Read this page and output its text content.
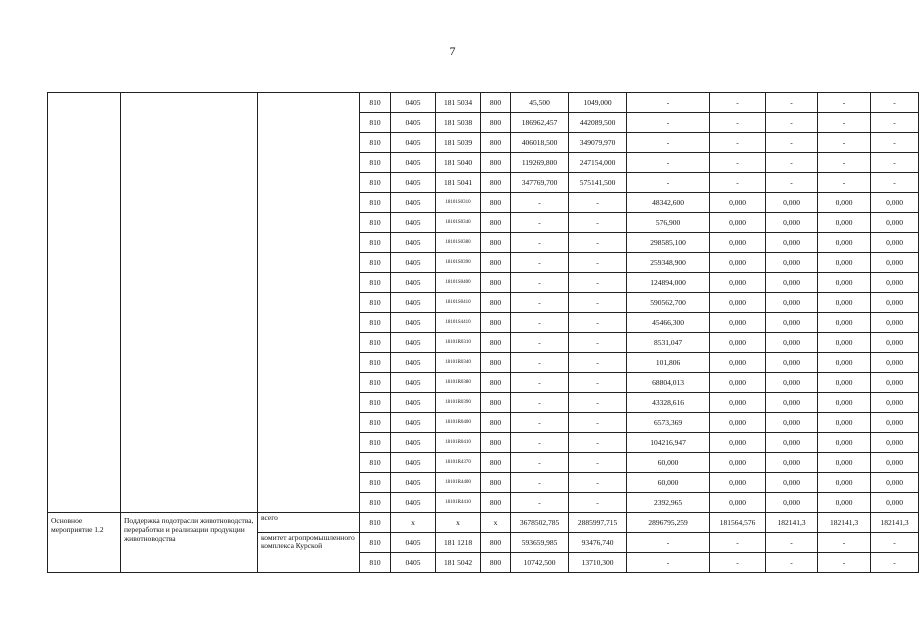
7
			810	0405	181 5034	800	45,500	1049,000	-	-	-	-	-
			810	0405	181 5038	800	186962,457	442089,500	-	-	-	-	-
			810	0405	181 5039	800	406018,500	349079,970	-	-	-	-	-
			810	0405	181 5040	800	119269,800	247154,000	-	-	-	-	-
			810	0405	181 5041	800	347769,700	575141,500	-	-	-	-	-
			810	0405	18101S0310	800	-	-	48342,600	0,000	0,000	0,000	0,000
			810	0405	18101S0340	800	-	-	576,900	0,000	0,000	0,000	0,000
			810	0405	18101S0380	800	-	-	298585,100	0,000	0,000	0,000	0,000
			810	0405	18101S0390	800	-	-	259348,900	0,000	0,000	0,000	0,000
			810	0405	18101S0400	800	-	-	124894,000	0,000	0,000	0,000	0,000
			810	0405	18101S0410	800	-	-	590562,700	0,000	0,000	0,000	0,000
			810	0405	18101S4410	800	-	-	45466,300	0,000	0,000	0,000	0,000
			810	0405	18101R0310	800	-	-	8531,047	0,000	0,000	0,000	0,000
			810	0405	18101R0340	800	-	-	101,806	0,000	0,000	0,000	0,000
			810	0405	18101R0380	800	-	-	68804,013	0,000	0,000	0,000	0,000
			810	0405	18101R0390	800	-	-	43328,616	0,000	0,000	0,000	0,000
			810	0405	18101R0400	800	-	-	6573,369	0,000	0,000	0,000	0,000
			810	0405	18101R0410	800	-	-	104216,947	0,000	0,000	0,000	0,000
			810	0405	18101R4370	800	-	-	60,000	0,000	0,000	0,000	0,000
			810	0405	18101R4400	800	-	-	60,000	0,000	0,000	0,000	0,000
			810	0405	18101R4410	800	-	-	2392,965	0,000	0,000	0,000	0,000
Основное мероприятие 1.2	Поддержка подотрасли животноводства, переработки и реализации продукции животноводства	всего	810	x	x	x	3678502,785	2885997,715	2896795,259	181564,576	182141,3	182141,3	182141,3
		комитет агропромышленного комплекса Курской	810	0405	181 1218	800	593659,985	93476,740	-	-	-	-	-
			810	0405	181 5042	800	10742,500	13710,300	-	-	-	-	-
